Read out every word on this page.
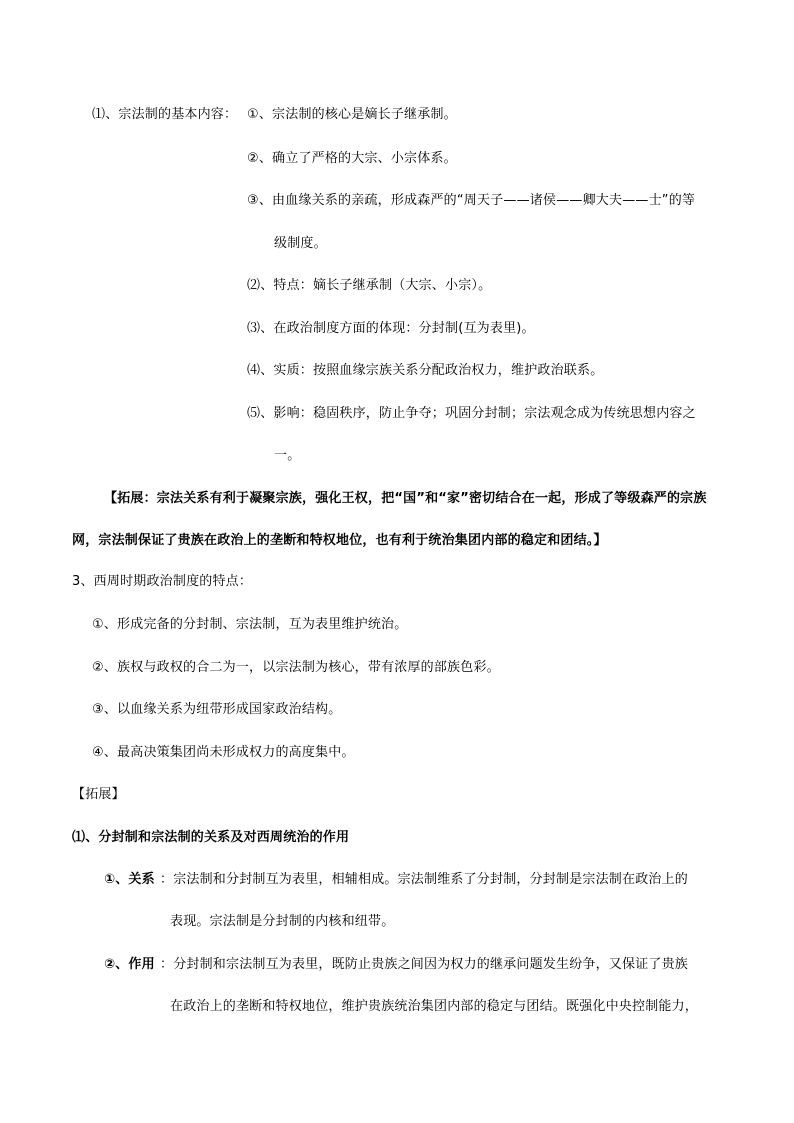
⑴、宗法制的基本内容： ①、宗法制的核心是嫡长子继承制。
②、确立了严格的大宗、小宗体系。
③、由血缘关系的亲疏，形成森严的“周天子——诸侯——卿大夫——士”的等
级制度。
⑵、特点：嫡长子继承制（大宗、小宗）。
⑶、在政治制度方面的体现：分封制(互为表里)。
⑷、实质：按照血缘宗族关系分配政治权力，维护政治联系。
⑸、影响：稳固秩序，防止争夺；巩固分封制；宗法观念成为传统思想内容之
一。
【拓展：宗法关系有利于凝聚宗族，强化王权，把“国”和“家”密切结合在一起，形成了等级森严的宗族
网，宗法制保证了贵族在政治上的垄断和特权地位，也有利于统治集团内部的稳定和团结。】
3、西周时期政治制度的特点：
①、形成完备的分封制、宗法制，互为表里维护统治。
②、族权与政权的合二为一，以宗法制为核心，带有浓厚的部族色彩。
③、以血缘关系为纽带形成国家政治结构。
④、最高决策集团尚未形成权力的高度集中。
【拓展】
⑴、分封制和宗法制的关系及对西周统治的作用
①、关系 ：宗法制和分封制互为表里，相辅相成。宗法制维系了分封制，分封制是宗法制在政治上的
表现。宗法制是分封制的内核和纽带。
②、作用 ：分封制和宗法制互为表里，既防止贵族之间因为权力的继承问题发生纷争，又保证了贵族
在政治上的垄断和特权地位，维护贵族统治集团内部的稳定与团结。既强化中央控制能力，
